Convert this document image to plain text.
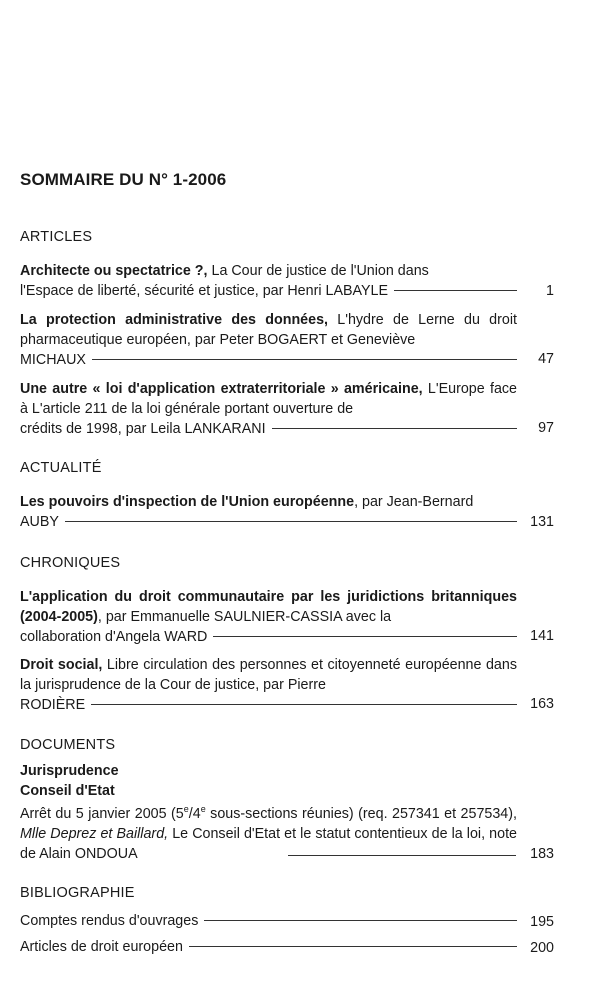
SOMMAIRE DU N° 1-2006
ARTICLES
Architecte ou spectatrice ?, La Cour de justice de l'Union dans
l'Espace de liberté, sécurité et justice, par Henri LABAYLE	1
La protection administrative des données, L'hydre de Lerne du droit pharmaceutique européen, par Peter BOGAERT et Geneviève
MICHAUX	47
Une autre « loi d'application extraterritoriale » américaine, L'Europe face à L'article 211 de la loi générale portant ouverture de
crédits de 1998, par Leila LANKARANI	97
ACTUALITÉ
Les pouvoirs d'inspection de l'Union européenne, par Jean-Bernard
AUBY	131
CHRONIQUES
L'application du droit communautaire par les juridictions britanniques (2004-2005), par Emmanuelle SAULNIER-CASSIA avec la
collaboration d'Angela WARD	141
Droit social, Libre circulation des personnes et citoyenneté européenne dans la jurisprudence de la Cour de justice, par Pierre
RODIÈRE	163
DOCUMENTS
Jurisprudence
Conseil d'Etat
Arrêt du 5 janvier 2005 (5e/4e sous-sections réunies) (req. 257341 et 257534), Mlle Deprez et Baillard, Le Conseil d'Etat et le statut contentieux de la loi, note de Alain ONDOUA	183
BIBLIOGRAPHIE
Comptes rendus d'ouvrages	195
Articles de droit européen	200
